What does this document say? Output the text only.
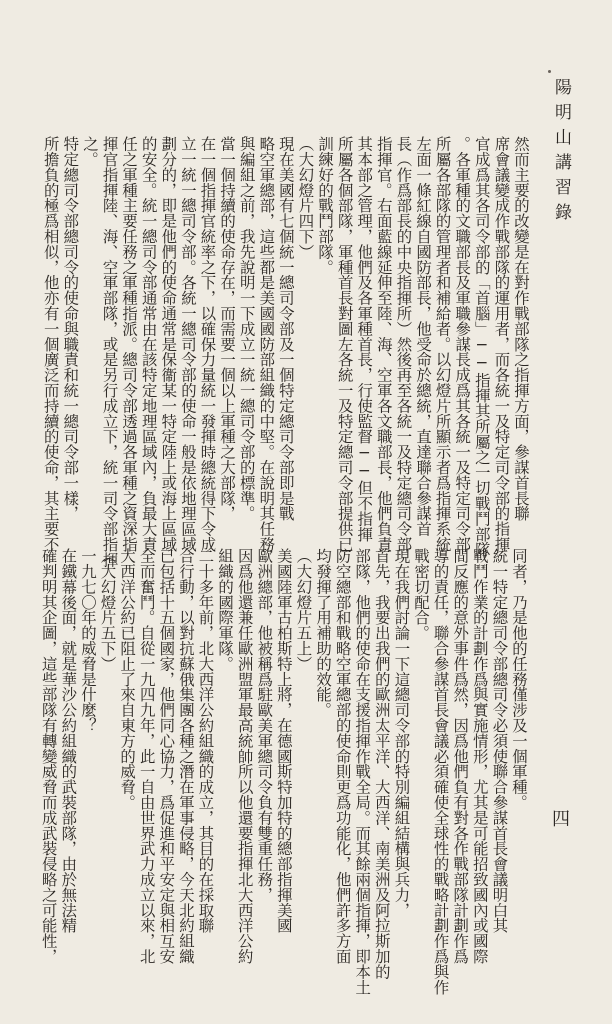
陽明山講習錄
四
然而主要的改變是在對作戰部隊之指揮方面，參謀首長聯
席會議變成作戰部隊的運用者，而各統一及特定司令部的指揮
官成爲其各司令部的「首腦」──指揮其所屬之一切戰鬥部隊
。各軍種的文職部長及軍職參謀長成爲其各統一及特定司令部
所屬各部隊的管理者和補給者。以幻燈片所顯示者爲指揮系統
左面一條紅線自國防部長，他受命於總統，直達聯合參謀首
長（作爲部長的中央指揮所）然後再至各統一及特定總司令部
指揮官。右面藍線延伸至陸、海、空軍各文職部長，他們負責
其本部之管理，他們及各軍種首長，行使監督──但不指揮
所屬各個部隊，軍種首長對圖左各統一及特定總司令部提供已
訓練好的戰鬥部隊。
（大幻燈片四下）
現在美國有七個統一總司令部及一個特定總司令部即是戰
略空軍總部，這些都是美國國防部組織的中堅。在說明其任務
與編組之前，我先說明一下成立一統一總司令部的標準。
當一個持續的使命存在，而需要一個以上軍種之大部隊，
在一個指揮官統率之下，以確保力量統一發揮時總統得下令成
立一統一總司令部。各統一總司令部的使命一般是依地理區域
劃分的，即是他們的使命通常是保衞某一特定陸上或海上區域
的安全。統一總司令部通常由在該特定地理區域內，負最大責
任之軍種主要任務之軍種指派。總司令部透過各軍種之資深指
揮官指揮陸、海、空軍部隊，或是另行成立下，統一司令部指揮
之。
特定總司令部總司令的使命與職責和統一總司令部一樣，
所擔負的極爲相似，他亦有一個廣泛而持續的使命，其主要不
同者，乃是他的任務僅涉及一個軍種。
統一特定總司令部總司令必須使聯合參謀首長會議明白其
戰鬥作業的計劃作爲與實施情形，尤其是可能招致國內或國際
間反應的意外事件爲然，因爲他們負有對各作戰部隊計劃作爲
導的責任，聯合參謀首長會議必須確使全球性的戰略計劃作爲與作
戰密切配合。
現在我們討論一下這總司令部的特別編組結構與兵力，
首先，我要出我們的歐洲太平洋、大西洋、南美洲及阿拉斯加的
部隊，他們的使命在支援指揮作戰全局。而其餘兩個指揮，即本土
防空總部和戰略空軍總部的使命則更爲功能化，他們許多方面
均發揮了用補助的效能。
（大幻燈片五上）
美國陸軍古柏斯特上將，在德國斯特加特的總部指揮美國
歐洲總部，他被稱爲駐歐美軍總司令負有雙重任務，
因爲他還兼任歐洲盟軍最高統帥所以他還要指揮北大西洋公約
組織的國際軍隊。
二十多年前，北大西洋公約組織的成立，其目的在採取聯
合行動，以對抗蘇俄集團各種之潛在軍事侵略，今天北約組織
已包括十五個國家，他們同心協力，爲促進和平安定與相互安
全而奮鬥。自從一九四九年，此一自由世界武力成立以來，北
大西洋公約已阻止了來自東方的威脅。
（大幻燈片五下）
一九七〇年的威脅是什麼？
在鐵幕後面，就是華沙公約組織的武裝部隊，由於無法精
確判明其企圖，這些部隊有轉變威脅而成武裝侵略之可能性，
